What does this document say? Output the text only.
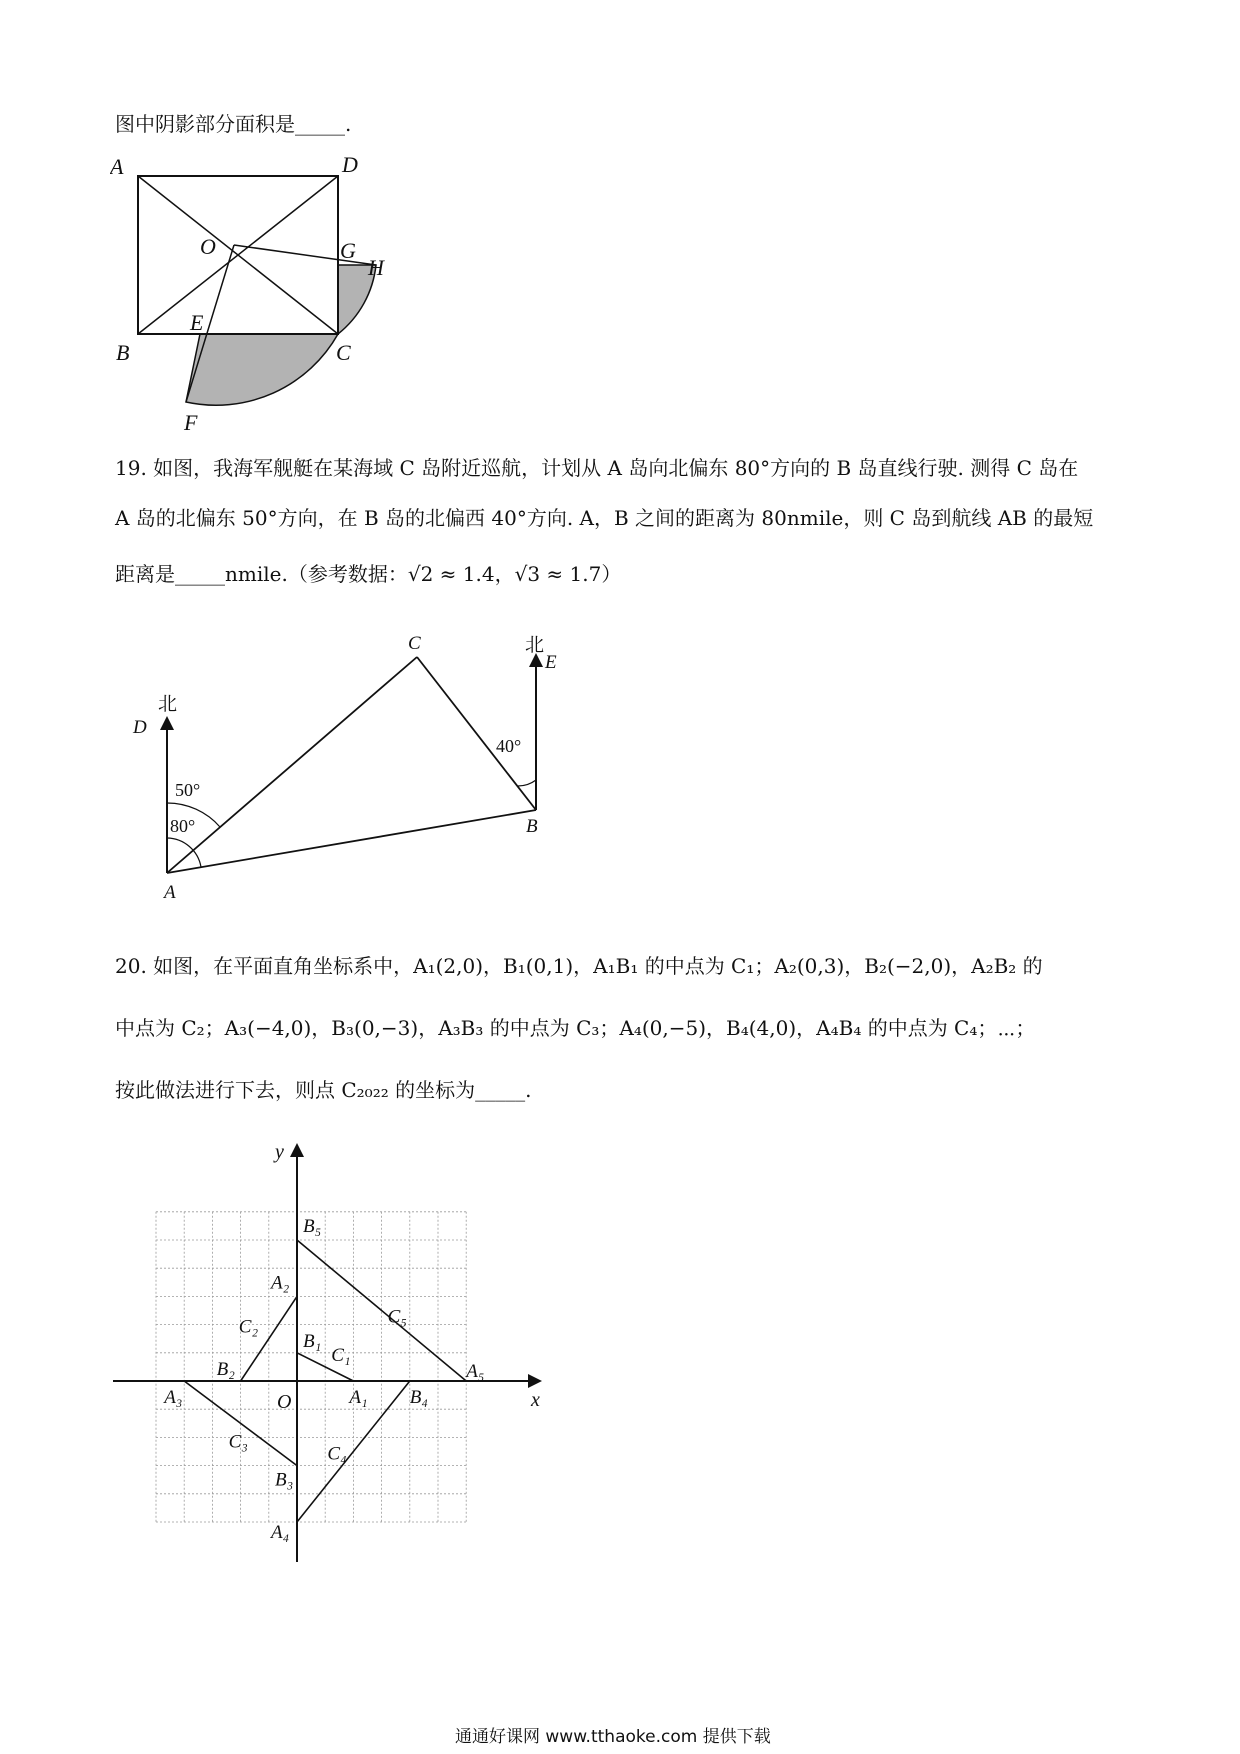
图中阴影部分面积是_____.
A	D
O	G
H
E
B	C
F
19. 如图，我海军舰艇在某海域 C 岛附近巡航，计划从 A 岛向北偏东 80°方向的 B 岛直线行驶. 测得 C 岛在
A 岛的北偏东 50°方向，在 B 岛的北偏西 40°方向. A，B 之间的距离为 80nmile，则 C 岛到航线 AB 的最短
距离是_____nmile.（参考数据：√2 ≈ 1.4，√3 ≈ 1.7）
北
D
北
E
C
50°
80°
40°
B
A
20. 如图，在平面直角坐标系中，A₁(2,0)，B₁(0,1)，A₁B₁ 的中点为 C₁；A₂(0,3)，B₂(−2,0)，A₂B₂ 的
中点为 C₂；A₃(−4,0)，B₃(0,−3)，A₃B₃ 的中点为 C₃；A₄(0,−5)，B₄(4,0)，A₄B₄ 的中点为 C₄；⋯；
按此做法进行下去，则点 C₂₀₂₂ 的坐标为_____.
x
y
O	A₁
B₁
C₁
A₂
B₂
C₂
A₃
B₃
C₃
A₄
B₄
C₄
A₅
B₅
C₅
通通好课网 www.tthaoke.com 提供下载
